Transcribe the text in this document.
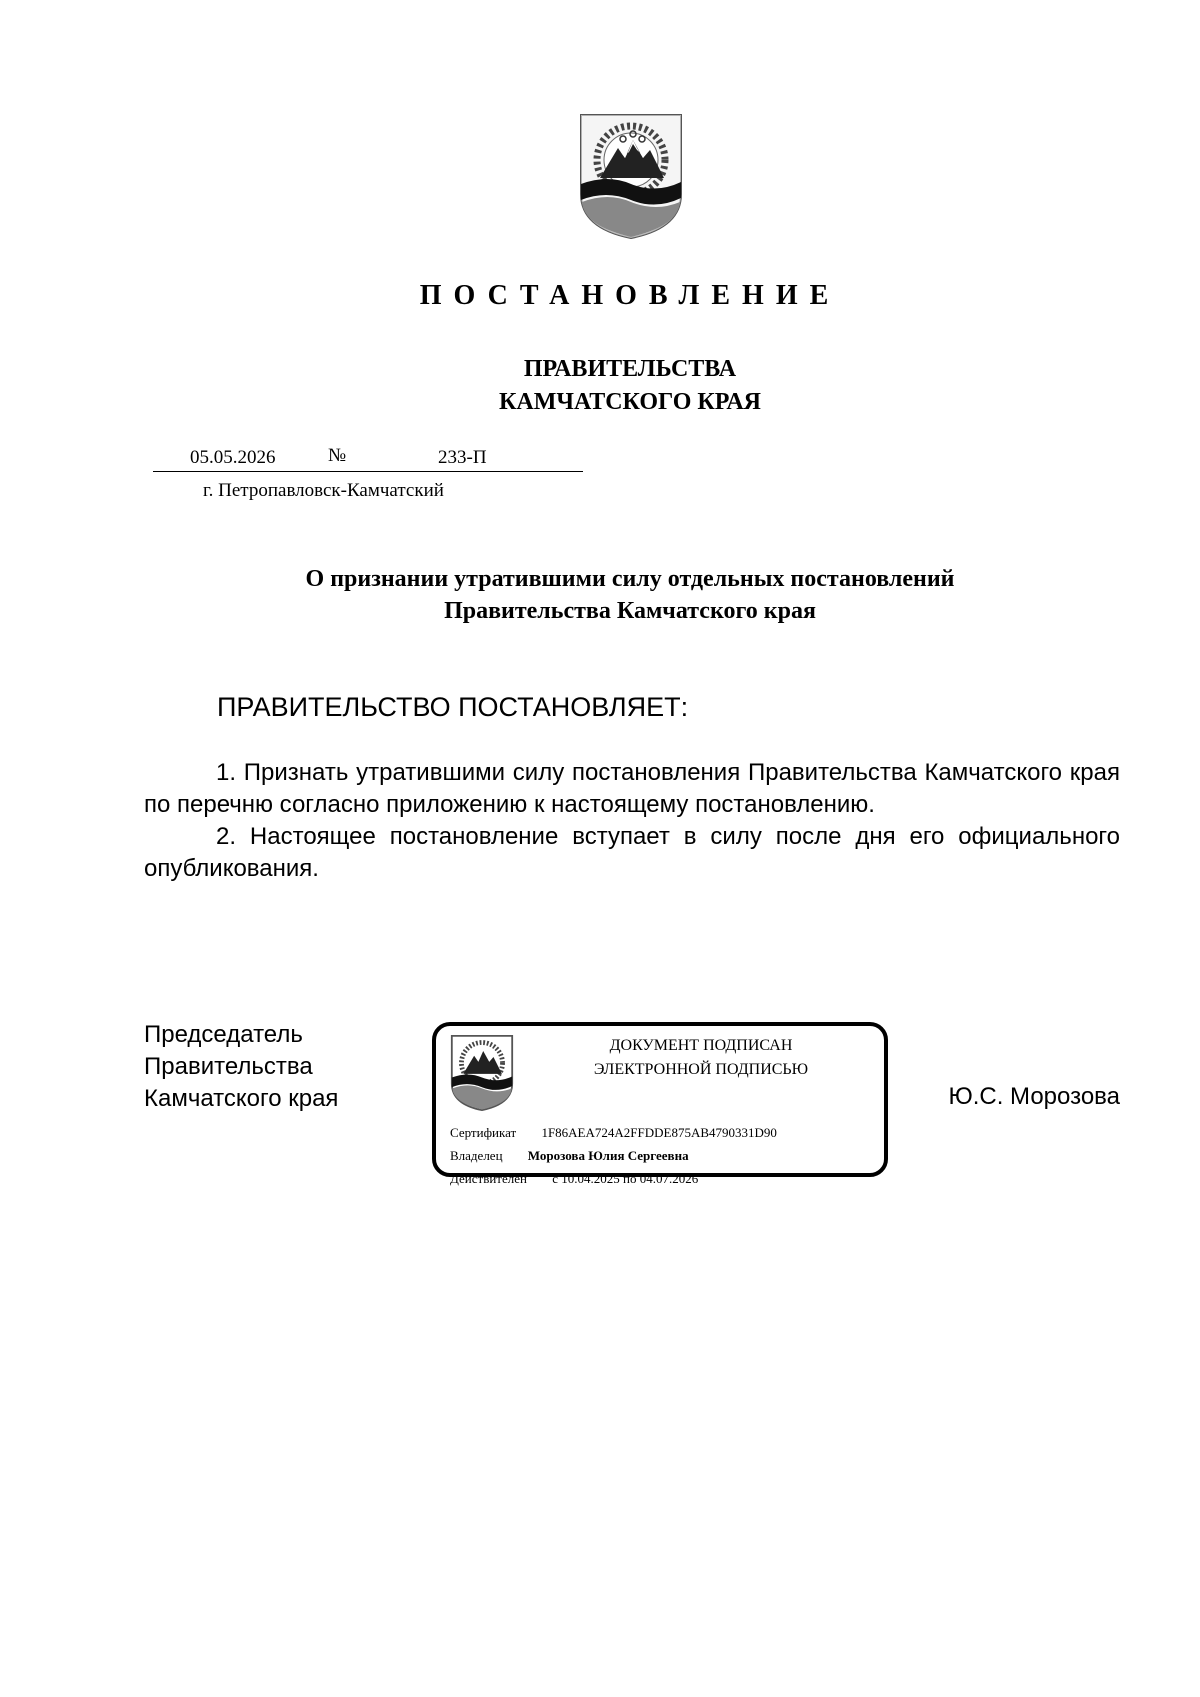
ПОСТАНОВЛЕНИЕ
ПРАВИТЕЛЬСТВА
КАМЧАТСКОГО КРАЯ
05.05.2026	№	233-П
г. Петропавловск-Камчатский
О признании утратившими силу отдельных постановлений
Правительства Камчатского края
ПРАВИТЕЛЬСТВО ПОСТАНОВЛЯЕТ:

1. Признать утратившими силу постановления Правительства Камчатского края по перечню согласно приложению к настоящему постановлению.

2. Настоящее постановление вступает в силу после дня его официального опубликования.

Председатель
Правительства
Камчатского края
ДОКУМЕНТ ПОДПИСАН
ЭЛЕКТРОННОЙ ПОДПИСЬЮ
Сертификат 1F86AEA724A2FFDDE875AB4790331D90
Владелец Морозова Юлия Сергеевна
Действителен с 10.04.2025 по 04.07.2026
Ю.С. Морозова
